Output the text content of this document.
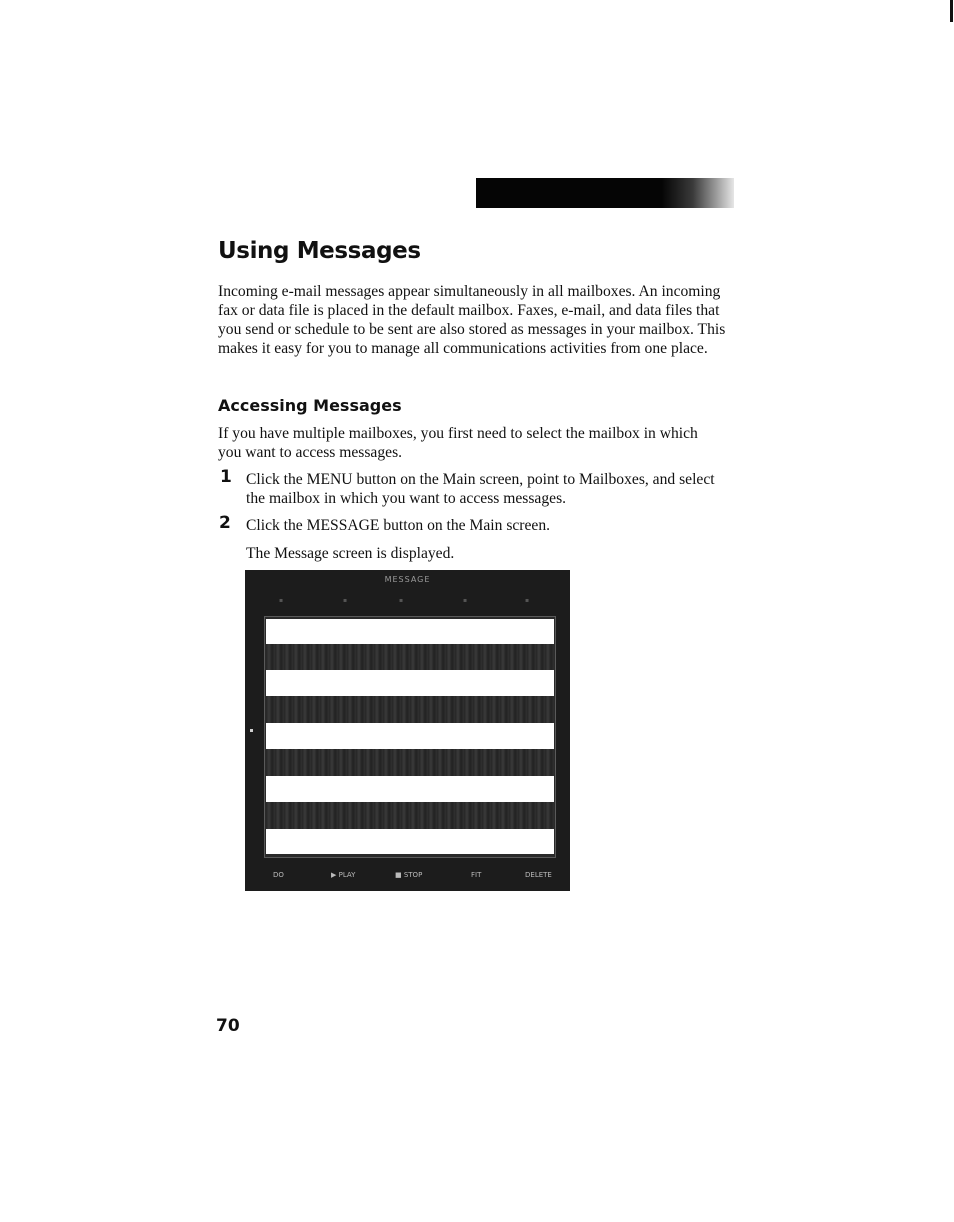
Using Messages

Incoming e-mail messages appear simultaneously in all mailboxes. An incoming fax or data file is placed in the default mailbox. Faxes, e-mail, and data files that you send or schedule to be sent are also stored as messages in your mailbox. This makes it easy for you to manage all communications activities from one place.

Accessing Messages

If you have multiple mailboxes, you first need to select the mailbox in which you want to access messages.

1 Click the MENU button on the Main screen, point to Mailboxes, and select the mailbox in which you want to access messages.

2 Click the MESSAGE button on the Main screen.

The Message screen is displayed.

MESSAGE
▪	▪	▪	▪	▪
DO	▶ PLAY	■ STOP	FIT	DELETE
70
